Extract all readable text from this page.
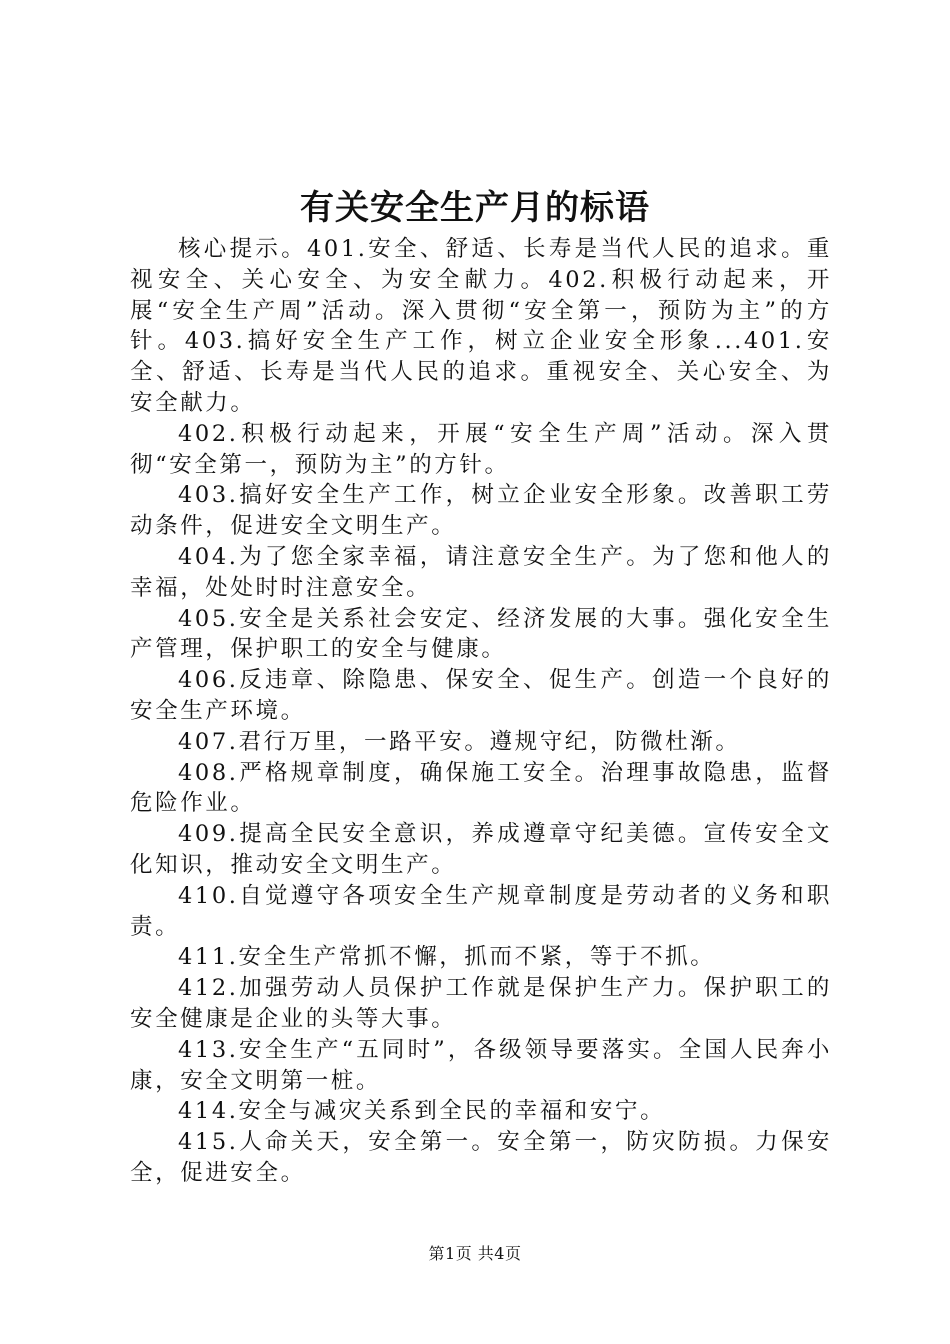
有关安全生产月的标语

核心提示。401.安全、舒适、长寿是当代人民的追求。重视安全、关心安全、为安全献力。402.积极行动起来，开展“安全生产周”活动。深入贯彻“安全第一，预防为主”的方针。403.搞好安全生产工作，树立企业安全形象...401.安全、舒适、长寿是当代人民的追求。重视安全、关心安全、为安全献力。

402.积极行动起来，开展“安全生产周”活动。深入贯彻“安全第一，预防为主”的方针。

403.搞好安全生产工作，树立企业安全形象。改善职工劳动条件，促进安全文明生产。

404.为了您全家幸福，请注意安全生产。为了您和他人的幸福，处处时时注意安全。

405.安全是关系社会安定、经济发展的大事。强化安全生产管理，保护职工的安全与健康。

406.反违章、除隐患、保安全、促生产。创造一个良好的安全生产环境。

407.君行万里，一路平安。遵规守纪，防微杜渐。

408.严格规章制度，确保施工安全。治理事故隐患，监督危险作业。

409.提高全民安全意识，养成遵章守纪美德。宣传安全文化知识，推动安全文明生产。

410.自觉遵守各项安全生产规章制度是劳动者的义务和职责。

411.安全生产常抓不懈，抓而不紧，等于不抓。

412.加强劳动人员保护工作就是保护生产力。保护职工的安全健康是企业的头等大事。

413.安全生产“五同时”，各级领导要落实。全国人民奔小康，安全文明第一桩。

414.安全与减灾关系到全民的幸福和安宁。

415.人命关天，安全第一。安全第一，防灾防损。力保安全，促进安全。

第1页 共4页
